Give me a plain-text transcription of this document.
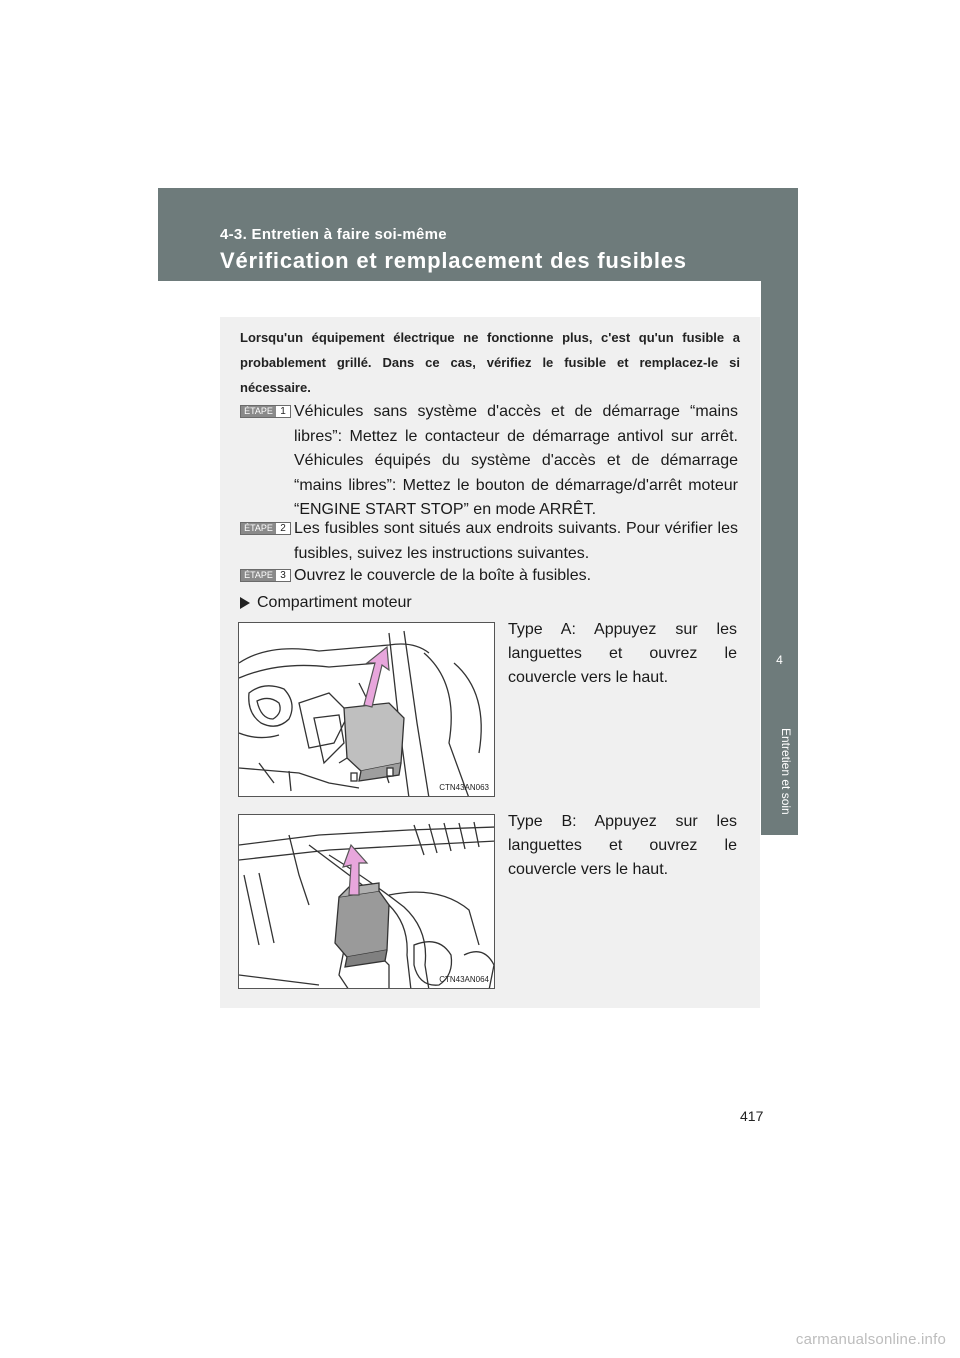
4-3. Entretien à faire soi-même
Vérification et remplacement des fusibles
4
Entretien et soin

Lorsqu'un équipement électrique ne fonctionne plus, c'est qu'un fusible a probablement grillé. Dans ce cas, vérifiez le fusible et remplacez-le si nécessaire.

ÉTAPE 1 Véhicules sans système d'accès et de démarrage “mains libres”: Mettez le contacteur de démarrage antivol sur arrêt. Véhicules équipés du système d'accès et de démarrage “mains libres”: Mettez le bouton de démarrage/d'arrêt moteur “ENGINE START STOP” en mode ARRÊT.

ÉTAPE 2 Les fusibles sont situés aux endroits suivants. Pour vérifier les fusibles, suivez les instructions suivantes.

ÉTAPE 3 Ouvrez le couvercle de la boîte à fusibles.

Compartiment moteur
CTN43AN063

Type A: Appuyez sur les languettes et ouvrez le couvercle vers le haut.

CTN43AN064

Type B: Appuyez sur les languettes et ouvrez le couvercle vers le haut.

417
carmanualsonline.info
